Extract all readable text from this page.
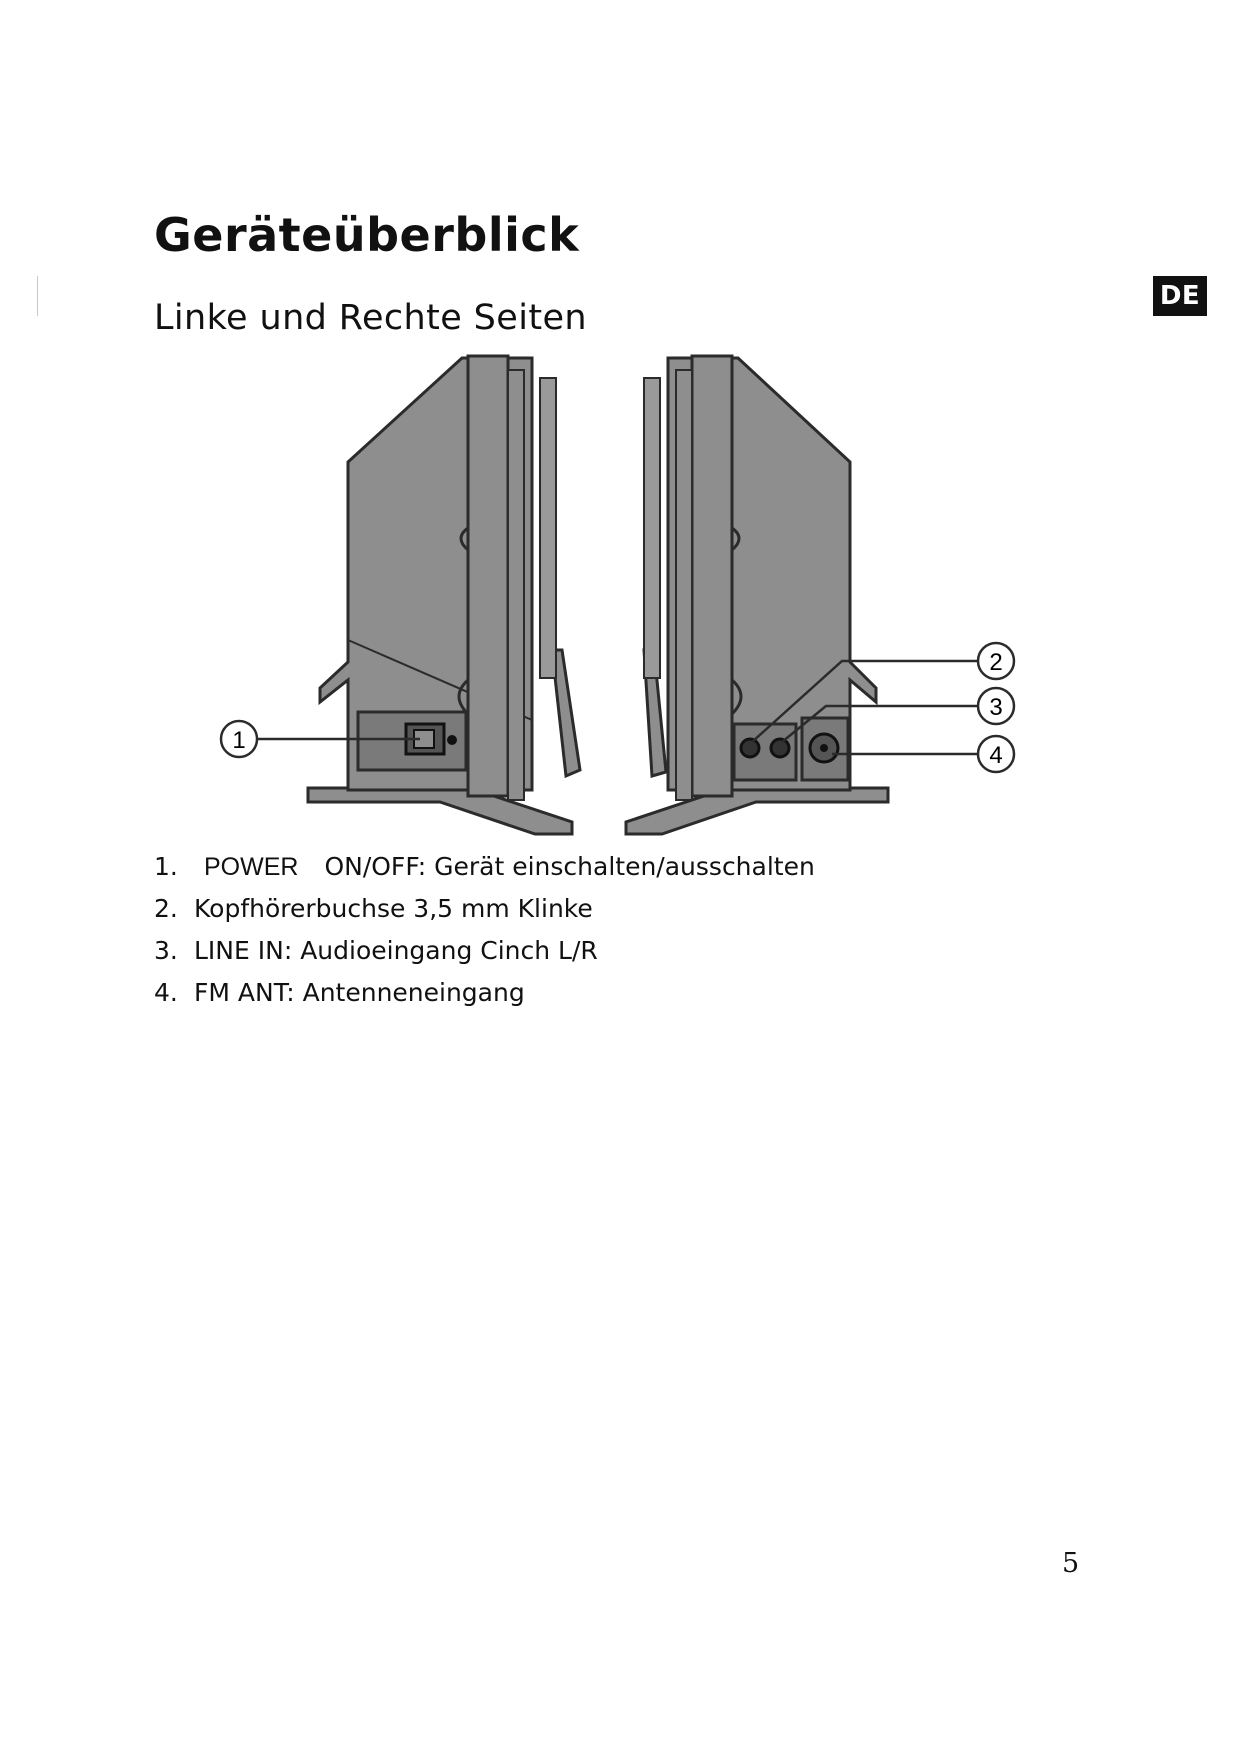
Geräteüberblick
Linke und Rechte Seiten
DE
1
2
3
4
1.	POWER ON/OFF: Gerät einschalten/ausschalten
2. Kopfhörerbuchse 3,5 mm Klinke
3. LINE IN: Audioeingang Cinch L/R
4. FM ANT: Antenneneingang
5
